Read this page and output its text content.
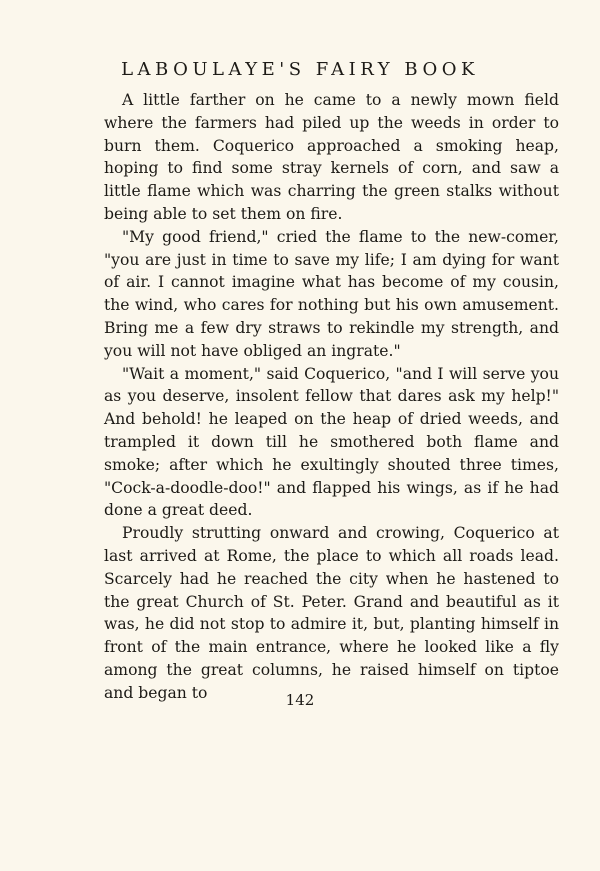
LABOULAYE'S FAIRY BOOK

A little farther on he came to a newly mown field where the farmers had piled up the weeds in order to burn them. Coquerico approached a smoking heap, hoping to find some stray kernels of corn, and saw a little flame which was charring the green stalks without being able to set them on fire.

"My good friend," cried the flame to the new-comer, "you are just in time to save my life; I am dying for want of air. I cannot imagine what has become of my cousin, the wind, who cares for nothing but his own amusement. Bring me a few dry straws to rekindle my strength, and you will not have obliged an ingrate."

"Wait a moment," said Coquerico, "and I will serve you as you deserve, insolent fellow that dares ask my help!" And behold! he leaped on the heap of dried weeds, and trampled it down till he smothered both flame and smoke; after which he exultingly shouted three times, "Cock-a-doodle-doo!" and flapped his wings, as if he had done a great deed.

Proudly strutting onward and crowing, Coquerico at last arrived at Rome, the place to which all roads lead. Scarcely had he reached the city when he hastened to the great Church of St. Peter. Grand and beautiful as it was, he did not stop to admire it, but, planting himself in front of the main entrance, where he looked like a fly among the great columns, he raised himself on tiptoe and began to	142
